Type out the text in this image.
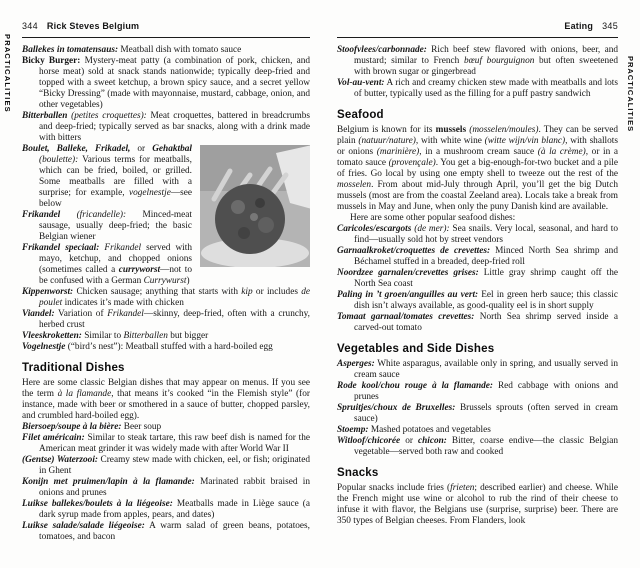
PRACTICALITIES	PRACTICALITIES
344 Rick Steves Belgium
Ballekes in tomatensaus: Meatball dish with tomato sauce
Bicky Burger: Mystery-meat patty (a combination of pork, chicken, and horse meat) sold at snack stands nationwide; typically deep-fried and topped with a sweet ketchup, a brown spicy sauce, and a secret yellow “Bicky Dressing” (made with mayonnaise, mustard, cabbage, onion, and other vegetables)
Bitterballen (petites croquettes): Meat croquettes, battered in breadcrumbs and deep-fried; typically served as bar snacks, along with a drink made with bitters
Boulet, Balleke, Frikadel, or Gehaktbal (boulette): Various terms for meatballs, which can be fried, boiled, or grilled. Some meatballs are filled with a surprise; for example, vogelnestje—see below
Frikandel (fricandelle): Minced-meat sausage, usually deep-fried; the basic Belgian wiener
Frikandel speciaal: Frikandel served with mayo, ketchup, and chopped onions (sometimes called a curryworst—not to be confused with a German Currywurst)
Kippenworst: Chicken sausage; anything that starts with kip or includes de poulet indicates it’s made with chicken
Viandel: Variation of Frikandel—skinny, deep-fried, often with a crunchy, herbed crust
Vleeskroketten: Similar to Bitterballen but bigger
Vogelnestje (“bird’s nest”): Meatball stuffed with a hard-boiled egg
Traditional Dishes

Here are some classic Belgian dishes that may appear on menus. If you see the term à la flamande, that means it’s cooked “in the Flemish style” (for instance, made with beer or smothered in a sauce of butter, chopped parsley, and crumbled hard-boiled egg).

Biersoep/soupe à la bière: Beer soup
Filet américain: Similar to steak tartare, this raw beef dish is named for the American meat grinder it was widely made with after World War II
(Gentse) Waterzooi: Creamy stew made with chicken, eel, or fish; originated in Ghent
Konijn met pruimen/lapin à la flamande: Marinated rabbit braised in onions and prunes
Luikse ballekes/boulets à la liégeoise: Meatballs made in Liège sauce (a dark syrup made from apples, pears, and dates)
Luikse salade/salade liégeoise: A warm salad of green beans, potatoes, tomatoes, and bacon
Eating 345
Stoofvlees/carbonnade: Rich beef stew flavored with onions, beer, and mustard; similar to French bœuf bourguignon but often sweetened with brown sugar or gingerbread
Vol-au-vent: A rich and creamy chicken stew made with meatballs and lots of butter, typically used as the filling for a puff pastry sandwich
Seafood

Belgium is known for its mussels (mosselen/moules). They can be served plain (natuur/nature), with white wine (witte wijn/vin blanc), with shallots or onions (marinière), in a mushroom cream sauce (à la crème), or in a tomato sauce (provençale). You get a big-enough-for-two bucket and a pile of fries. Go local by using one empty shell to tweeze out the rest of the mosselen. From about mid-July through April, you’ll get the big Dutch mussels (most are from the coastal Zeeland area). Locals take a break from mussels in May and June, when only the puny Danish kind are available.

Here are some other popular seafood dishes:

Caricoles/escargots (de mer): Sea snails. Very local, seasonal, and hard to find—usually sold hot by street vendors
Garnaalkroket/croquettes de crevettes: Minced North Sea shrimp and Béchamel stuffed in a breaded, deep-fried roll
Noordzee garnalen/crevettes grises: Little gray shrimp caught off the North Sea coast
Paling in ’t groen/anguilles au vert: Eel in green herb sauce; this classic dish isn’t always available, as good-quality eel is in short supply
Tomaat garnaal/tomates crevettes: North Sea shrimp served inside a carved-out tomato
Vegetables and Side Dishes
Asperges: White asparagus, available only in spring, and usually served in cream sauce
Rode kool/chou rouge à la flamande: Red cabbage with onions and prunes
Spruitjes/choux de Bruxelles: Brussels sprouts (often served in cream sauce)
Stoemp: Mashed potatoes and vegetables
Witloof/chicorée or chicon: Bitter, coarse endive—the classic Belgian vegetable—served both raw and cooked
Snacks

Popular snacks include fries (frieten; described earlier) and cheese. While the French might use wine or alcohol to rub the rind of their cheese to infuse it with flavor, the Belgians use (surprise, surprise) beer. There are 350 types of Belgian cheeses. From Flanders, look
